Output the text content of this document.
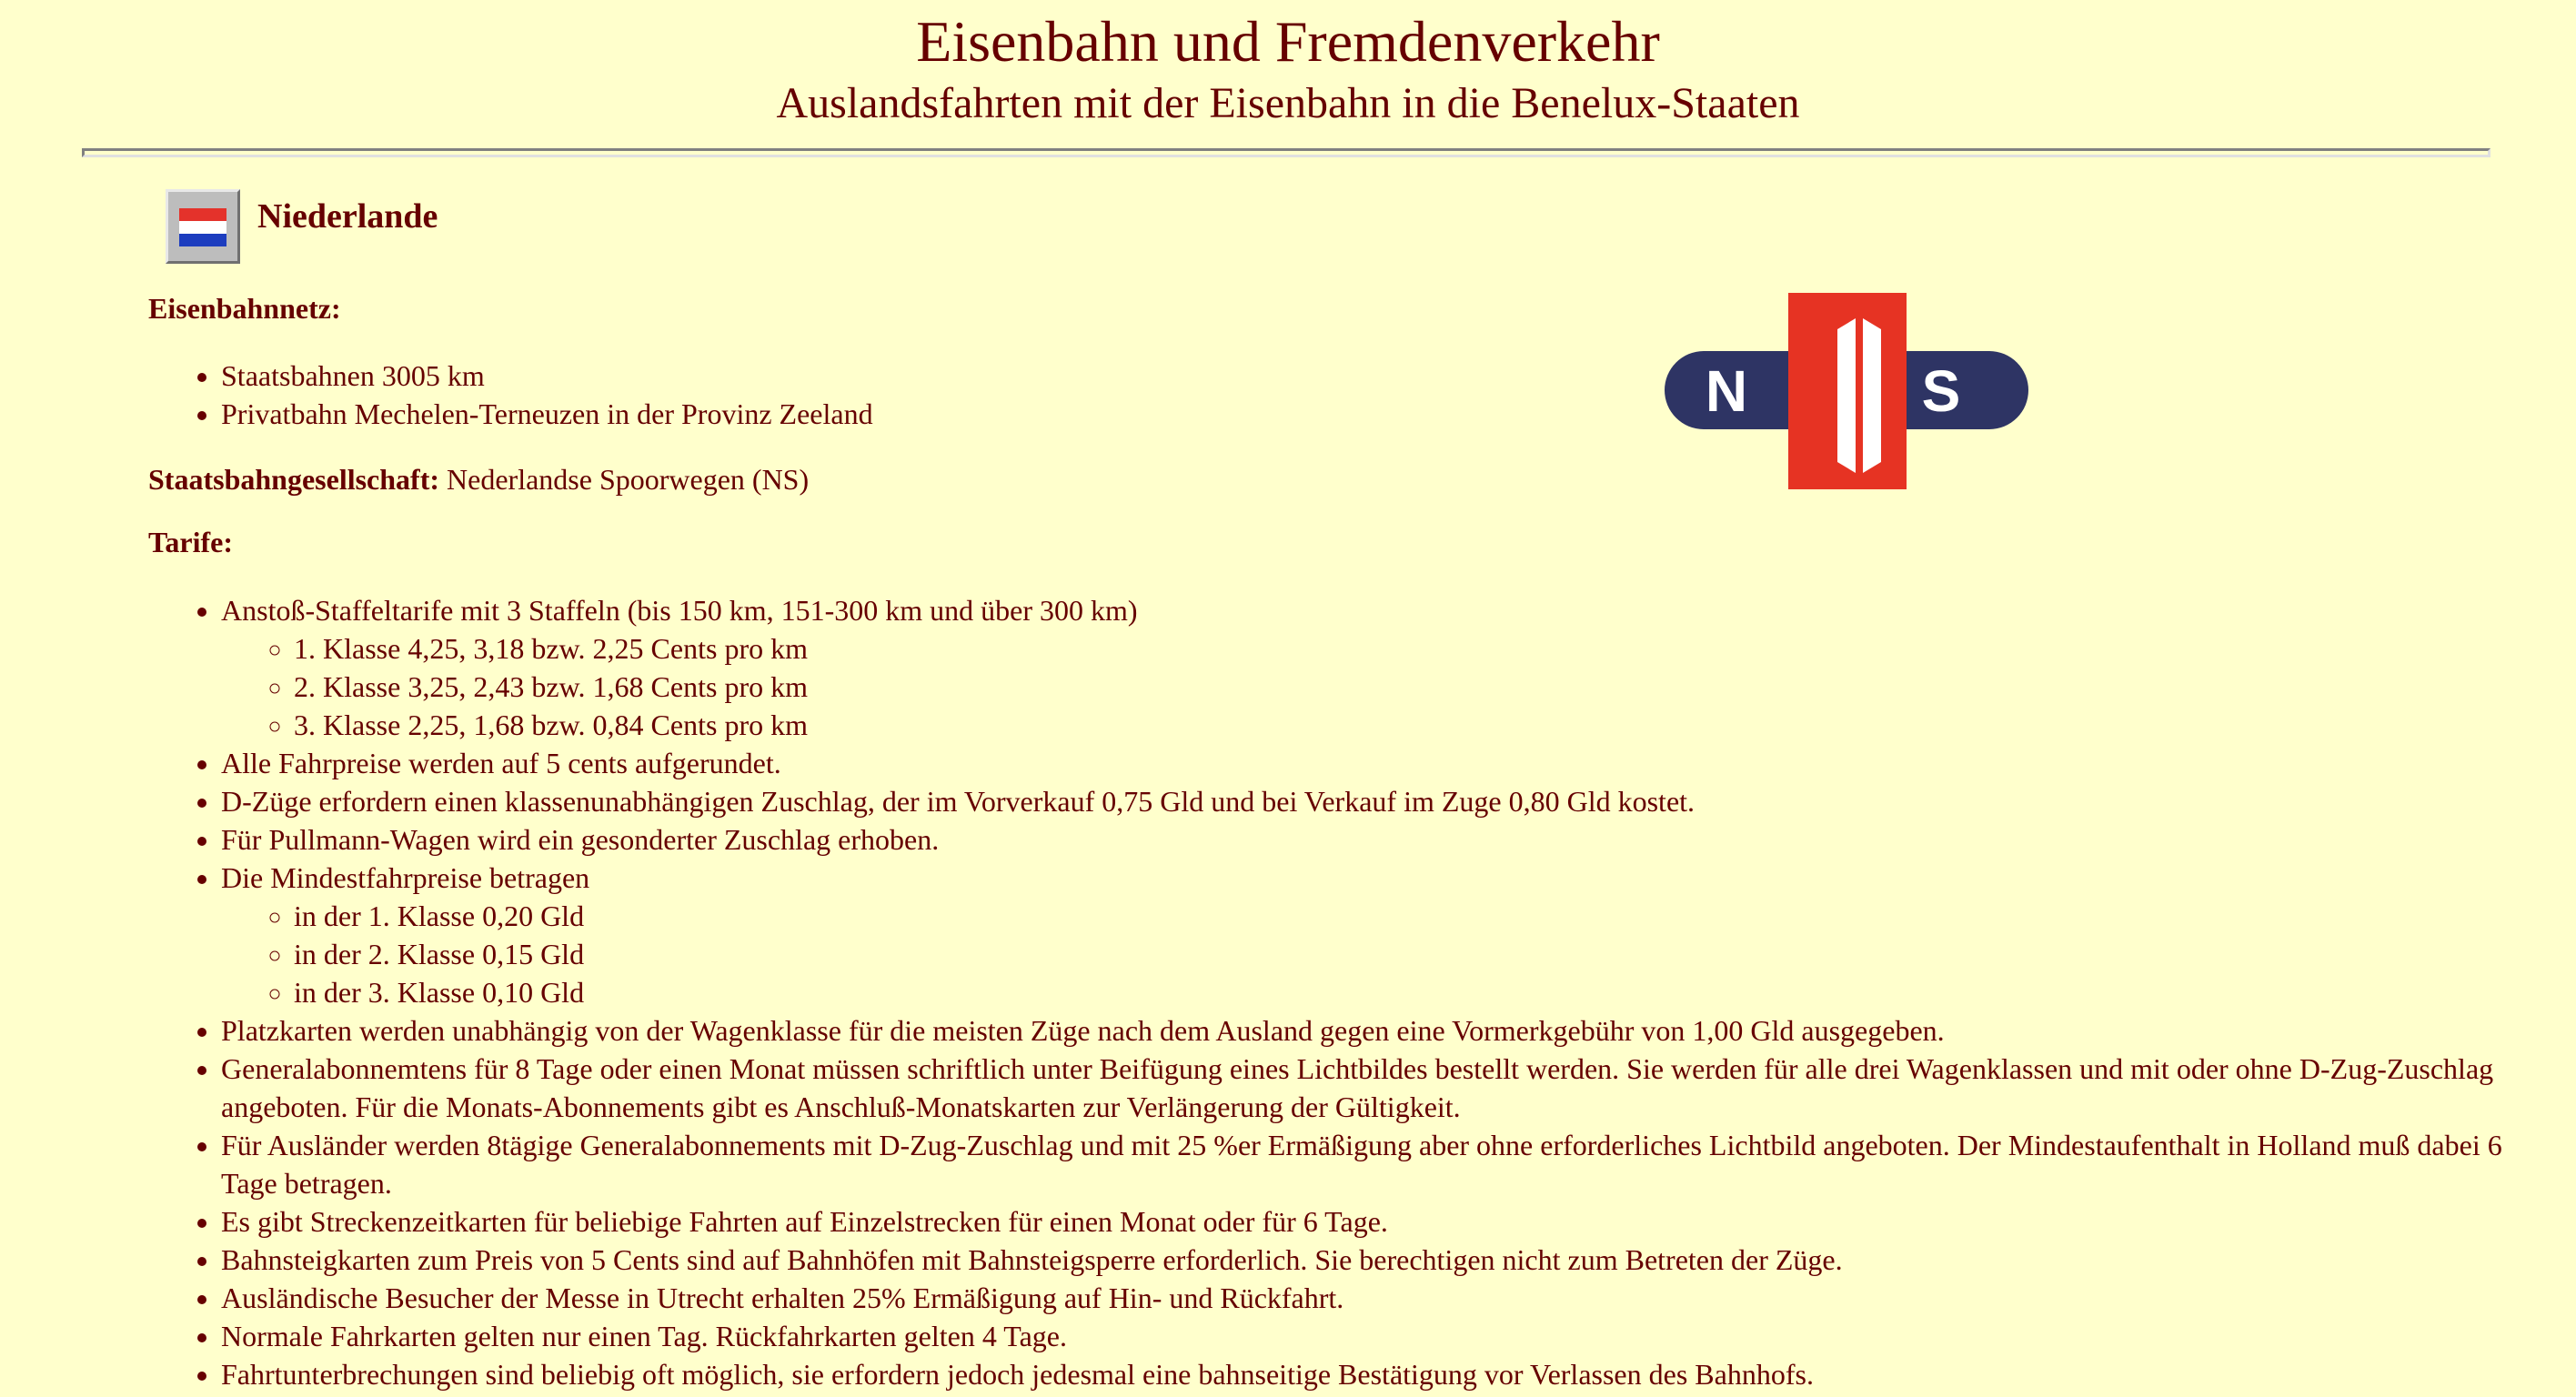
Eisenbahn und Fremdenverkehr
Auslandsfahrten mit der Eisenbahn in die Benelux-Staaten
Niederlande
Eisenbahnnetz:
• Staatsbahnen 3005 km
• Privatbahn Mechelen-Terneuzen in der Provinz Zeeland
Staatsbahngesellschaft: Nederlandse Spoorwegen (NS)
Tarife:
• Anstoß-Staffeltarife mit 3 Staffeln (bis 150 km, 151-300 km und über 300 km)
◦ 1. Klasse 4,25, 3,18 bzw. 2,25 Cents pro km
◦ 2. Klasse 3,25, 2,43 bzw. 1,68 Cents pro km
◦ 3. Klasse 2,25, 1,68 bzw. 0,84 Cents pro km
• Alle Fahrpreise werden auf 5 cents aufgerundet.
• D-Züge erfordern einen klassenunabhängigen Zuschlag, der im Vorverkauf 0,75 Gld und bei Verkauf im Zuge 0,80 Gld kostet.
• Für Pullmann-Wagen wird ein gesonderter Zuschlag erhoben.
• Die Mindestfahrpreise betragen
◦ in der 1. Klasse 0,20 Gld
◦ in der 2. Klasse 0,15 Gld
◦ in der 3. Klasse 0,10 Gld
• Platzkarten werden unabhängig von der Wagenklasse für die meisten Züge nach dem Ausland gegen eine Vormerkgebühr von 1,00 Gld ausgegeben.
• Generalabonnemtens für 8 Tage oder einen Monat müssen schriftlich unter Beifügung eines Lichtbildes bestellt werden. Sie werden für alle drei Wagenklassen und mit oder ohne D-Zug-Zuschlag angeboten. Für die Monats-Abonnements gibt es Anschluß-Monatskarten zur Verlängerung der Gültigkeit.
• Für Ausländer werden 8tägige Generalabonnements mit D-Zug-Zuschlag und mit 25 %er Ermäßigung aber ohne erforderliches Lichtbild angeboten. Der Mindestaufenthalt in Holland muß dabei 6 Tage betragen.
• Es gibt Streckenzeitkarten für beliebige Fahrten auf Einzelstrecken für einen Monat oder für 6 Tage.
• Bahnsteigkarten zum Preis von 5 Cents sind auf Bahnhöfen mit Bahnsteigsperre erforderlich. Sie berechtigen nicht zum Betreten der Züge.
• Ausländische Besucher der Messe in Utrecht erhalten 25% Ermäßigung auf Hin- und Rückfahrt.
• Normale Fahrkarten gelten nur einen Tag. Rückfahrkarten gelten 4 Tage.
• Fahrtunterbrechungen sind beliebig oft möglich, sie erfordern jedoch jedesmal eine bahnseitige Bestätigung vor Verlassen des Bahnhofs.
N	S
